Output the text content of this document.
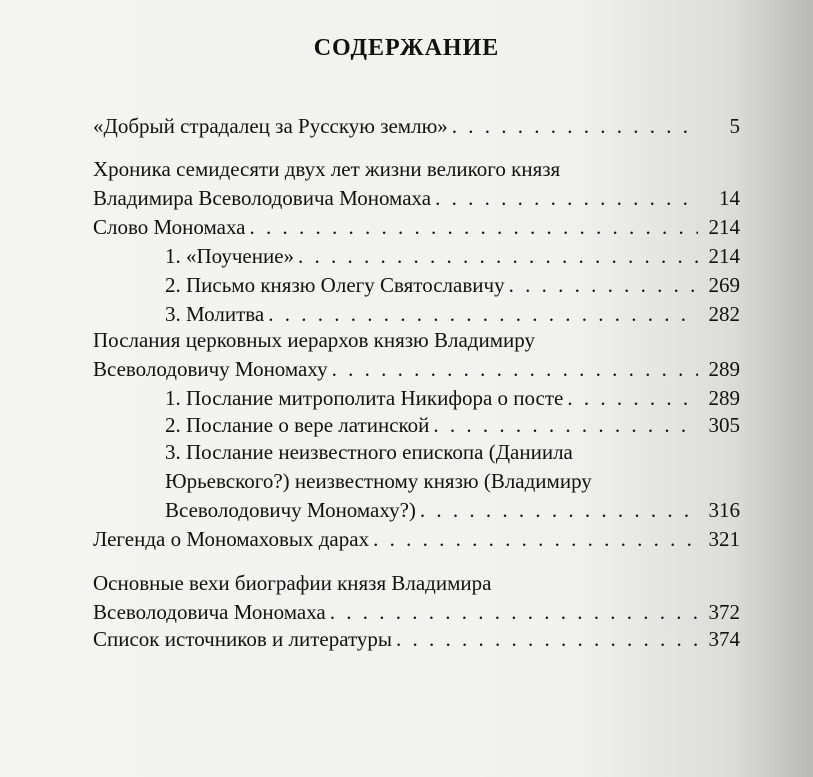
СОДЕРЖАНИЕ
«Добрый страдалец за Русскую землю» . . .	5
Хроника семидесяти двух лет жизни великого князя
Владимира Всеволодовича Мономаха . . .	14
Слово Мономаха . . .	214
1. «Поучение» . . .	214
2. Письмо князю Олегу Святославичу . . .	269
3. Молитва . . .	282
Послания церковных иерархов князю Владимиру
Всеволодовичу Мономаху . . .	289
1. Послание митрополита Никифора о посте . . .	289
2. Послание о вере латинской . . .	305
3. Послание неизвестного епископа (Даниила
Юрьевского?) неизвестному князю (Владимиру
Всеволодовичу Мономаху?) . . .	316
Легенда о Мономаховых дарах . . .	321
Основные вехи биографии князя Владимира
Всеволодовича Мономаха . . .	372
Список источников и литературы . . .	374
